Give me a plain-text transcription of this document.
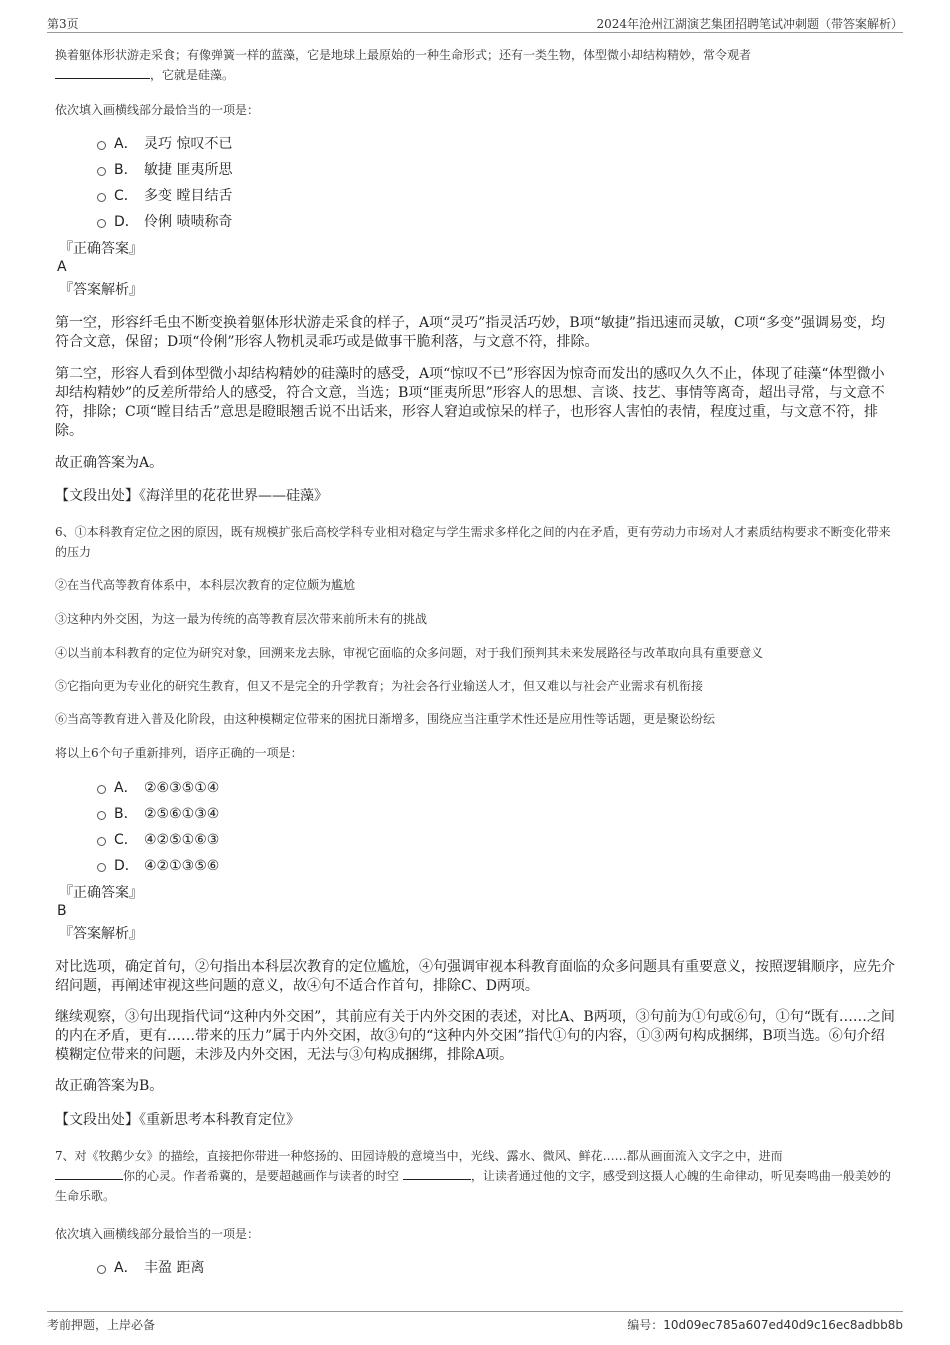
第3页	2024年沧州江湖演艺集团招聘笔试冲刺题（带答案解析）
换着躯体形状游走采食；有像弹簧一样的蓝藻，它是地球上最原始的一种生命形式；还有一类生物，体型微小却结构精妙，常令观者
，它就是硅藻。
依次填入画横线部分最恰当的一项是：
A． 灵巧 惊叹不已
B． 敏捷 匪夷所思
C． 多变 瞠目结舌
D． 伶俐 啧啧称奇
『正确答案』
A
『答案解析』
第一空，形容纤毛虫不断变换着躯体形状游走采食的样子，A项“灵巧”指灵活巧妙，B项“敏捷”指迅速而灵敏，C项“多变”强调易变，均符合文意，保留；D项“伶俐”形容人物机灵乖巧或是做事干脆利落，与文意不符，排除。
第二空，形容人看到体型微小却结构精妙的硅藻时的感受，A项“惊叹不已”形容因为惊奇而发出的感叹久久不止，体现了硅藻“体型微小却结构精妙”的反差所带给人的感受，符合文意，当选；B项“匪夷所思”形容人的思想、言谈、技艺、事情等离奇，超出寻常，与文意不符，排除；C项“瞠目结舌”意思是瞪眼翘舌说不出话来，形容人窘迫或惊呆的样子，也形容人害怕的表情，程度过重，与文意不符，排除。
故正确答案为A。
【文段出处】《海洋里的花花世界——硅藻》
6、①本科教育定位之困的原因，既有规模扩张后高校学科专业相对稳定与学生需求多样化之间的内在矛盾，更有劳动力市场对人才素质结构要求不断变化带来的压力
②在当代高等教育体系中，本科层次教育的定位颇为尴尬
③这种内外交困，为这一最为传统的高等教育层次带来前所未有的挑战
④以当前本科教育的定位为研究对象，回溯来龙去脉，审视它面临的众多问题，对于我们预判其未来发展路径与改革取向具有重要意义
⑤它指向更为专业化的研究生教育，但又不是完全的升学教育；为社会各行业输送人才，但又难以与社会产业需求有机衔接
⑥当高等教育进入普及化阶段，由这种模糊定位带来的困扰日渐增多，围绕应当注重学术性还是应用性等话题，更是聚讼纷纭
将以上6个句子重新排列，语序正确的一项是：
A． ②⑥③⑤①④
B． ②⑤⑥①③④
C． ④②⑤①⑥③
D． ④②①③⑤⑥
『正确答案』
B
『答案解析』
对比选项，确定首句，②句指出本科层次教育的定位尴尬，④句强调审视本科教育面临的众多问题具有重要意义，按照逻辑顺序，应先介绍问题，再阐述审视这些问题的意义，故④句不适合作首句，排除C、D两项。
继续观察，③句出现指代词“这种内外交困”，其前应有关于内外交困的表述，对比A、B两项，③句前为①句或⑥句，①句“既有……之间的内在矛盾，更有……带来的压力”属于内外交困，故③句的“这种内外交困”指代①句的内容，①③两句构成捆绑，B项当选。⑥句介绍模糊定位带来的问题，未涉及内外交困，无法与③句构成捆绑，排除A项。
故正确答案为B。
【文段出处】《重新思考本科教育定位》
7、对《牧鹅少女》的描绘，直接把你带进一种悠扬的、田园诗般的意境当中，光线、露水、微风、鲜花……都从画面流入文字之中，进而
你的心灵。作者希冀的，是要超越画作与读者的时空	，让读者通过他的文字，感受到这摄人心魄的生命律动，听见奏鸣曲一般美妙的生命乐歌。
依次填入画横线部分最恰当的一项是：
A． 丰盈 距离
考前押题，上岸必备	编号：10d09ec785a607ed40d9c16ec8adbb8b
